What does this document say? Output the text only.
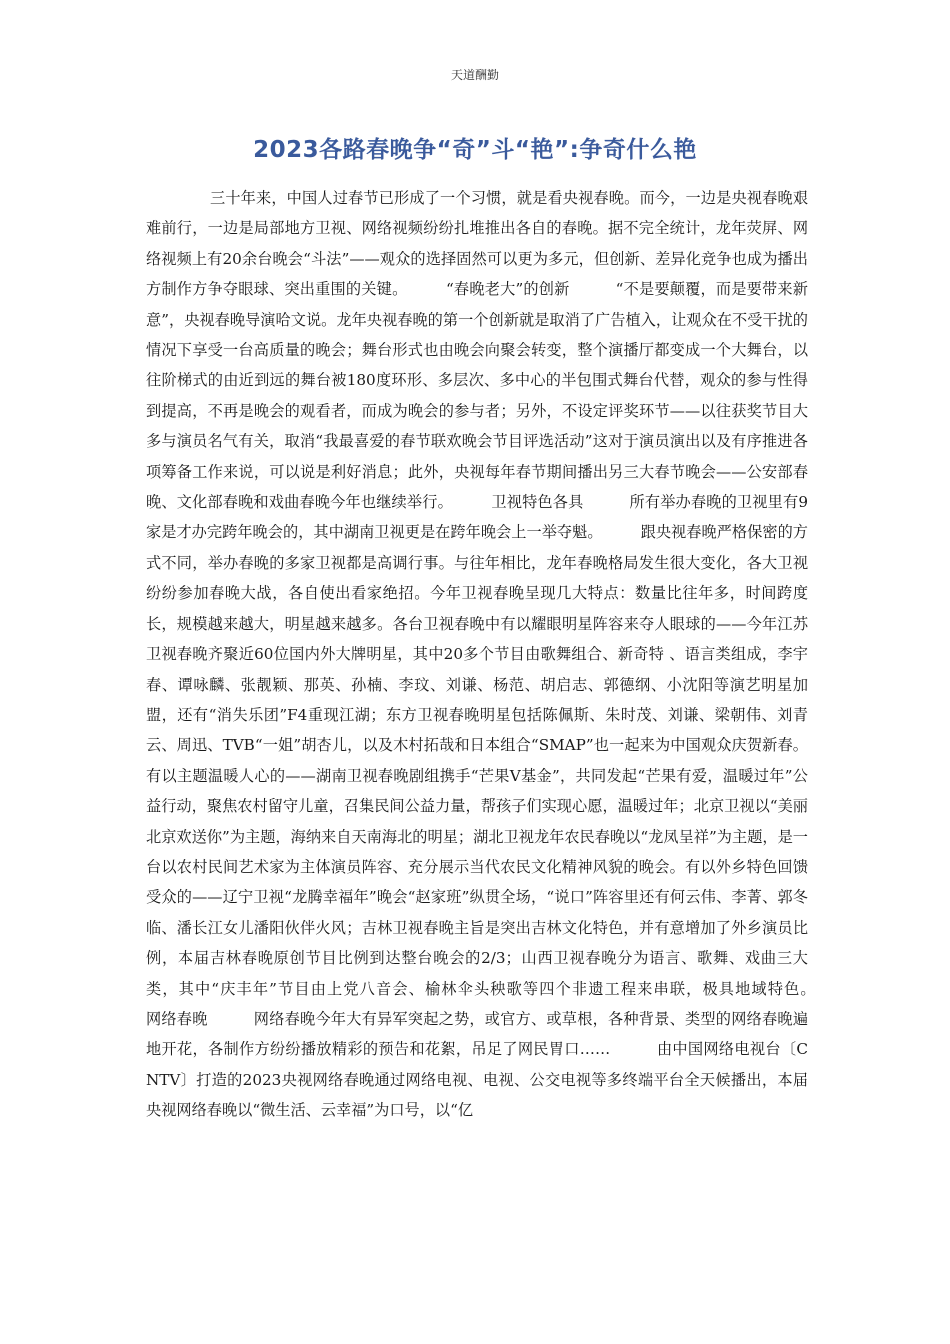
天道酬勤
2023各路春晚争“奇”斗“艳”:争奇什么艳

三十年来，中国人过春节已形成了一个习惯，就是看央视春晚。而今，一边是央视春晚艰难前行，一边是局部地方卫视、网络视频纷纷扎堆推出各自的春晚。据不完全统计，龙年荧屏、网络视频上有20余台晚会“斗法”——观众的选择固然可以更为多元，但创新、差异化竞争也成为播出方制作方争夺眼球、突出重围的关键。　　　“春晚老大”的创新　　　“不是要颠覆，而是要带来新意”，央视春晚导演哈文说。龙年央视春晚的第一个创新就是取消了广告植入，让观众在不受干扰的情况下享受一台高质量的晚会；舞台形式也由晚会向聚会转变，整个演播厅都变成一个大舞台，以往阶梯式的由近到远的舞台被180度环形、多层次、多中心的半包围式舞台代替，观众的参与性得到提高，不再是晚会的观看者，而成为晚会的参与者；另外，不设定评奖环节——以往获奖节目大多与演员名气有关，取消“我最喜爱的春节联欢晚会节目评选活动”这对于演员演出以及有序推进各项筹备工作来说，可以说是利好消息；此外，央视每年春节期间播出另三大春节晚会——公安部春晚、文化部春晚和戏曲春晚今年也继续举行。　　　卫视特色各具　　　所有举办春晚的卫视里有9家是才办完跨年晚会的，其中湖南卫视更是在跨年晚会上一举夺魁。　　　跟央视春晚严格保密的方式不同，举办春晚的多家卫视都是高调行事。与往年相比，龙年春晚格局发生很大变化，各大卫视纷纷参加春晚大战，各自使出看家绝招。今年卫视春晚呈现几大特点：数量比往年多，时间跨度长，规模越来越大，明星越来越多。各台卫视春晚中有以耀眼明星阵容来夺人眼球的——今年江苏卫视春晚齐聚近60位国内外大牌明星，其中20多个节目由歌舞组合、新奇特 、语言类组成，李宇春、谭咏麟、张靓颖、那英、孙楠、李玟、刘谦、杨范、胡启志、郭德纲、小沈阳等演艺明星加盟，还有“消失乐团”F4重现江湖；东方卫视春晚明星包括陈佩斯、朱时茂、刘谦、梁朝伟、刘青云、周迅、TVB“一姐”胡杏儿，以及木村拓哉和日本组合“SMAP”也一起来为中国观众庆贺新春。有以主题温暖人心的——湖南卫视春晚剧组携手“芒果V基金”，共同发起“芒果有爱，温暖过年”公益行动，聚焦农村留守儿童，召集民间公益力量，帮孩子们实现心愿，温暖过年；北京卫视以“美丽北京欢送你”为主题，海纳来自天南海北的明星；湖北卫视龙年农民春晚以“龙凤呈祥”为主题，是一台以农村民间艺术家为主体演员阵容、充分展示当代农民文化精神风貌的晚会。有以外乡特色回馈受众的——辽宁卫视“龙腾幸福年”晚会“赵家班”纵贯全场，“说口”阵容里还有何云伟、李菁、郭冬临、潘长江女儿潘阳伙伴火风；吉林卫视春晚主旨是突出吉林文化特色，并有意增加了外乡演员比例，本届吉林春晚原创节目比例到达整台晚会的2/3；山西卫视春晚分为语言、歌舞、戏曲三大类，其中“庆丰年”节目由上党八音会、榆林伞头秧歌等四个非遗工程来串联，极具地域特色。　　　网络春晚　　　网络春晚今年大有异军突起之势，或官方、或草根，各种背景、类型的网络春晚遍地开花，各制作方纷纷播放精彩的预告和花絮，吊足了网民胃口……　　　由中国网络电视台〔CNTV〕打造的2023央视网络春晚通过网络电视、电视、公交电视等多终端平台全天候播出，本届央视网络春晚以“微生活、云幸福”为口号，以“亿
